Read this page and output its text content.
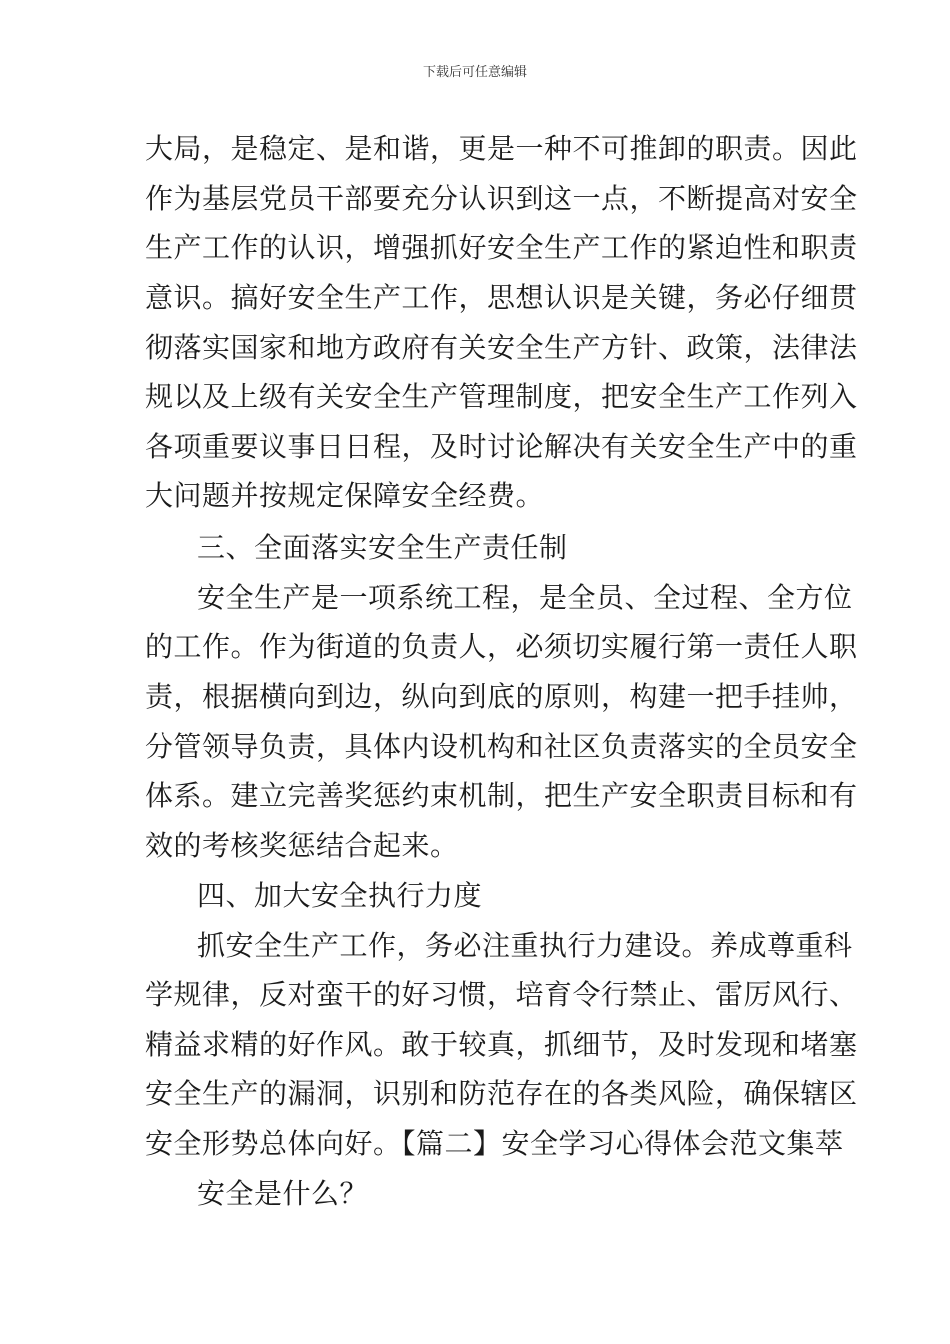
下载后可任意编辑

大局，是稳定、是和谐，更是一种不可推卸的职责。因此

作为基层党员干部要充分认识到这一点，不断提高对安全

生产工作的认识，增强抓好安全生产工作的紧迫性和职责

意识。搞好安全生产工作，思想认识是关键，务必仔细贯

彻落实国家和地方政府有关安全生产方针、政策，法律法

规以及上级有关安全生产管理制度，把安全生产工作列入

各项重要议事日日程，及时讨论解决有关安全生产中的重

大问题并按规定保障安全经费。

三、全面落实安全生产责任制

安全生产是一项系统工程，是全员、全过程、全方位

的工作。作为街道的负责人，必须切实履行第一责任人职

责，根据横向到边，纵向到底的原则，构建一把手挂帅，

分管领导负责，具体内设机构和社区负责落实的全员安全

体系。建立完善奖惩约束机制，把生产安全职责目标和有

效的考核奖惩结合起来。

四、加大安全执行力度

抓安全生产工作，务必注重执行力建设。养成尊重科

学规律，反对蛮干的好习惯，培育令行禁止、雷厉风行、

精益求精的好作风。敢于较真，抓细节，及时发现和堵塞

安全生产的漏洞，识别和防范存在的各类风险，确保辖区

安全形势总体向好。【篇二】安全学习心得体会范文集萃

安全是什么？
